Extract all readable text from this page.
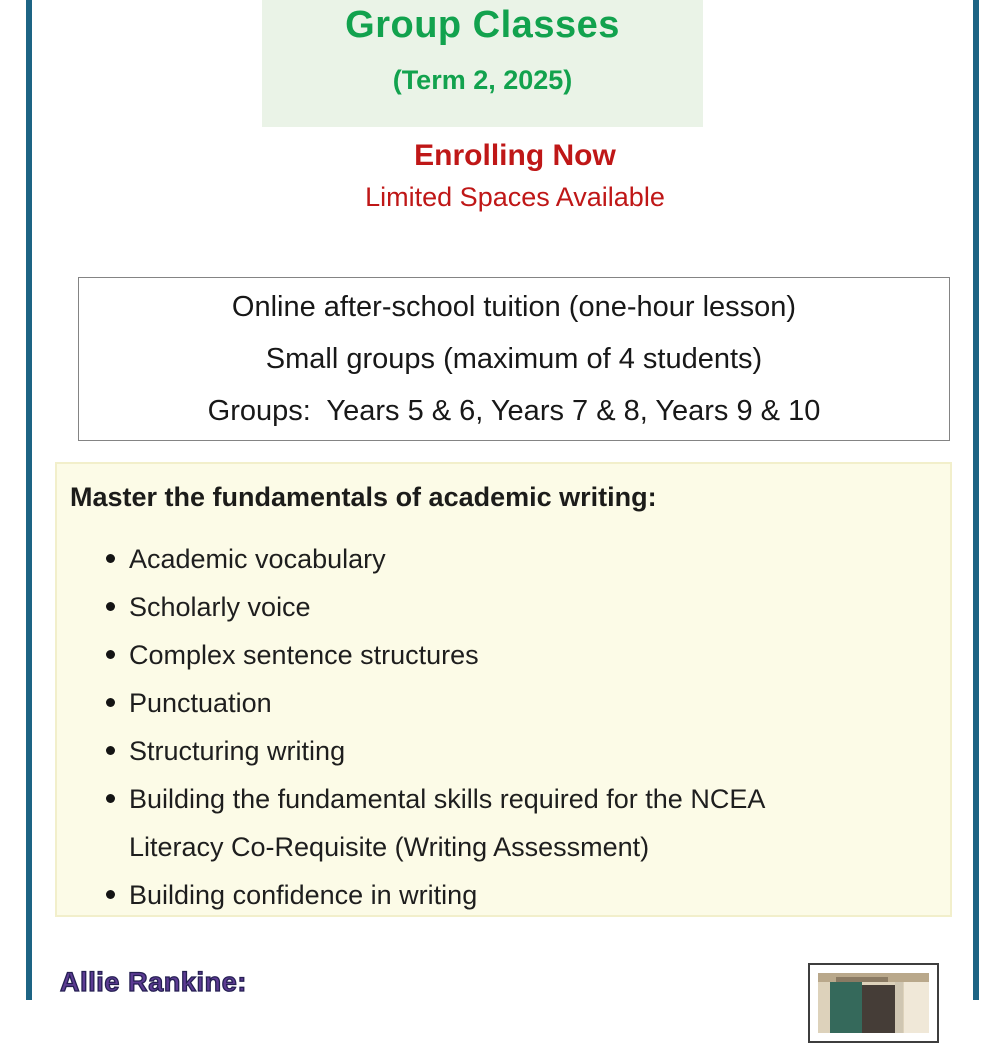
Group Classes
(Term 2, 2025)
Enrolling Now
Limited Spaces Available
Online after-school tuition (one-hour lesson)
Small groups (maximum of 4 students)
Groups:  Years 5 & 6, Years 7 & 8, Years 9 & 10
Master the fundamentals of academic writing:
Academic vocabulary
Scholarly voice
Complex sentence structures
Punctuation
Structuring writing
Building the fundamental skills required for the NCEA Literacy Co-Requisite (Writing Assessment)
Building confidence in writing
Allie Rankine:
